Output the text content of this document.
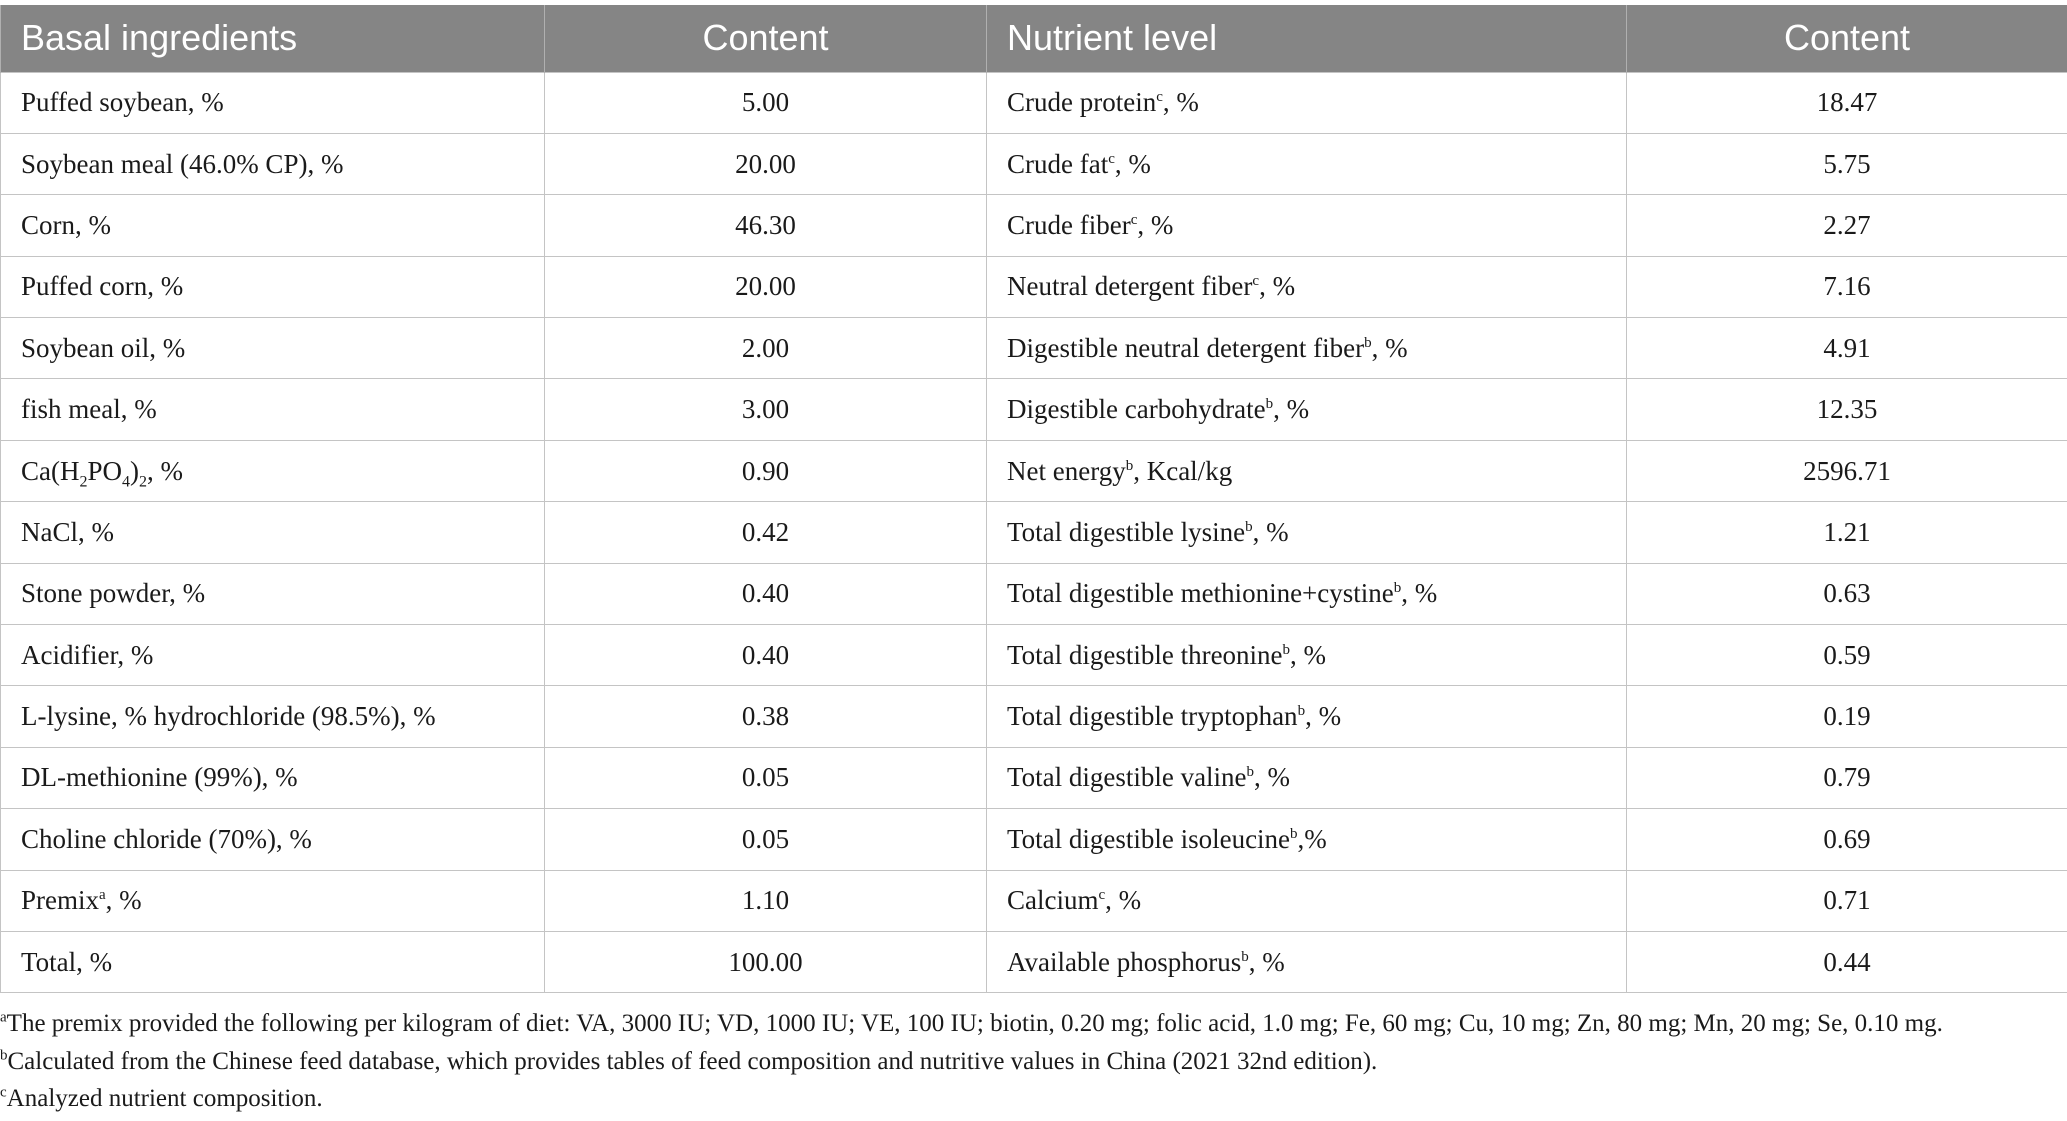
Basal ingredients	Content	Nutrient level	Content
Puffed soybean, %	5.00	Crude protein$^c$, %	18.47
Soybean meal (46.0% CP), %	20.00	Crude fat$^c$, %	5.75
Corn, %	46.30	Crude fiber$^c$, %	2.27
Puffed corn, %	20.00	Neutral detergent fiber$^c$, %	7.16
Soybean oil, %	2.00	Digestible neutral detergent fiber$^b$, %	4.91
fish meal, %	3.00	Digestible carbohydrate$^b$, %	12.35
$Ca(H_2PO_4)_2$, %	0.90	Net energy$^b$, Kcal/kg	2596.71
NaCl, %	0.42	Total digestible lysine$^b$, %	1.21
Stone powder, %	0.40	Total digestible methionine+cystine$^b$, %	0.63
Acidifier, %	0.40	Total digestible threonine$^b$, %	0.59
L-lysine, % hydrochloride (98.5%), %	0.38	Total digestible tryptophan$^b$, %	0.19
DL-methionine (99%), %	0.05	Total digestible valine$^b$, %	0.79
Choline chloride (70%), %	0.05	Total digestible isoleucine$^b$,%	0.69
Premix$^a$, %	1.10	Calcium$^c$, %	0.71
Total, %	100.00	Available phosphorus$^b$, %	0.44
$^a$The premix provided the following per kilogram of diet: VA, 3000 IU; VD, 1000 IU; VE, 100 IU; biotin, 0.20 mg; folic acid, 1.0 mg; Fe, 60 mg; Cu, 10 mg; Zn, 80 mg; Mn, 20 mg; Se, 0.10 mg.
$^b$Calculated from the Chinese feed database, which provides tables of feed composition and nutritive values in China (2021 32nd edition).
$^c$Analyzed nutrient composition.
